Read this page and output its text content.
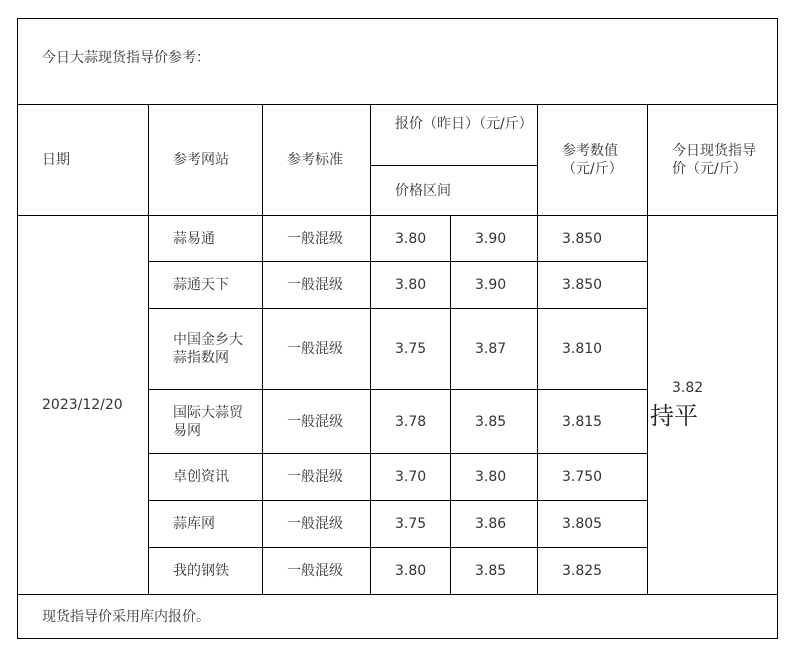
今日大蒜现货指导价参考：						
日期	参考网站	参考标准	报价（昨日）（元/斤）		参考数值（元/斤）	今日现货指导价（元/斤）
			价格区间			
2023/12/20	蒜易通	一般混级	3.80	3.90	3.850	3.82
持平

	蒜通天下	一般混级	3.80	3.90	3.850	
	中国金乡大蒜指数网	一般混级	3.75	3.87	3.810	
	国际大蒜贸易网	一般混级	3.78	3.85	3.815	
	卓创资讯	一般混级	3.70	3.80	3.750	
	蒜库网	一般混级	3.75	3.86	3.805	
	我的钢铁	一般混级	3.80	3.85	3.825	
现货指导价采用库内报价。						
